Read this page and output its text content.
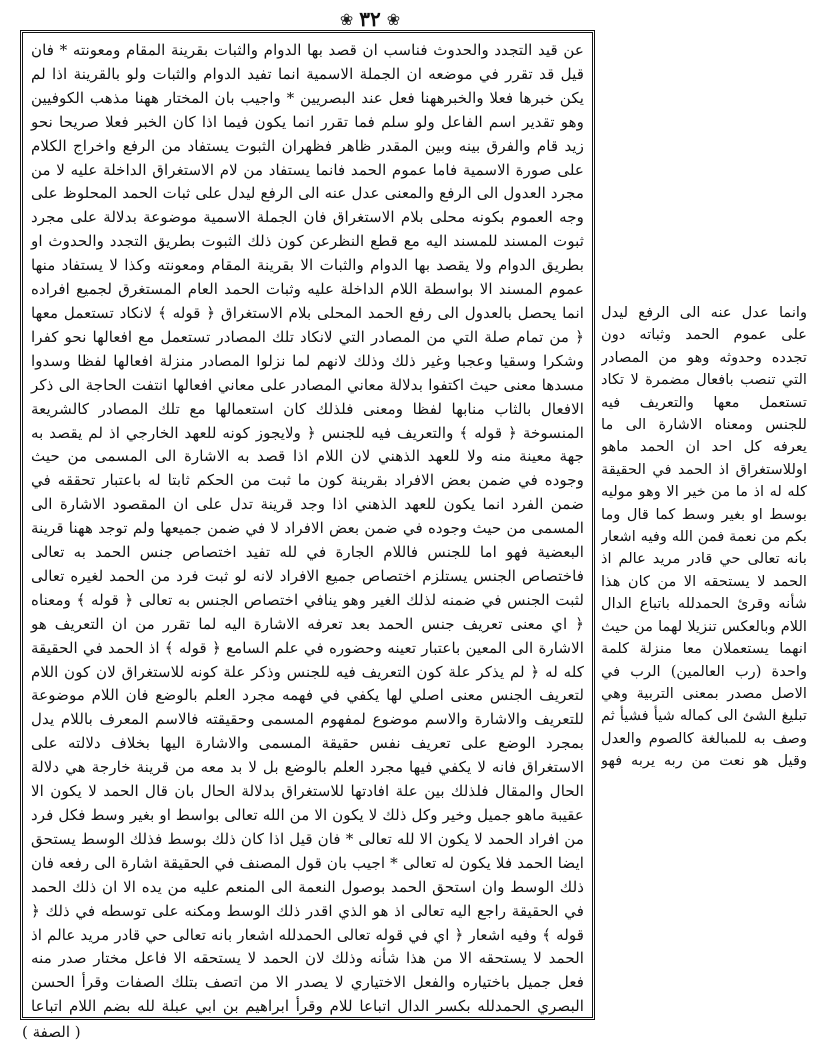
❀ ٣٢ ❀

عن قيد التجدد والحدوث فناسب ان قصد بها الدوام والثبات بقرينة المقام ومعونته * فان قيل قد تقرر في موضعه ان الجملة الاسمية انما تفيد الدوام والثبات ولو بالقرينة اذا لم يكن خبرها فعلا والخبرههنا فعل عند البصريين * واجيب بان المختار ههنا مذهب الكوفيين وهو تقدير اسم الفاعل ولو سلم فما تقرر انما يكون فيما اذا كان الخبر فعلا صريحا نحو زيد قام والفرق بينه وبين المقدر ظاهر فظهران الثبوت يستفاد من الرفع واخراج الكلام على صورة الاسمية فاما عموم الحمد فانما يستفاد من لام الاستغراق الداخلة عليه لا من مجرد العدول الى الرفع والمعنى عدل عنه الى الرفع ليدل على ثبات الحمد المحلوظ على وجه العموم بكونه محلى بلام الاستغراق فان الجملة الاسمية موضوعة بدلالة على مجرد ثبوت المسند للمسند اليه مع قطع النظرعن كون ذلك الثبوت بطريق التجدد والحدوث او بطريق الدوام ولا يقصد بها الدوام والثبات الا بقرينة المقام ومعونته وكذا لا يستفاد منها عموم المسند الا بواسطة اللام الداخلة عليه وثبات الحمد العام المستغرق لجميع افراده انما يحصل بالعدول الى رفع الحمد المحلى بلام الاستغراق ﴿ قوله ﴾ لانكاد تستعمل معها ﴿ من تمام صلة التي من المصادر التي لانكاد تلك المصادر تستعمل مع افعالها نحو كفرا وشكرا وسقيا وعجبا وغير ذلك وذلك لانهم لما نزلوا المصادر منزلة افعالها لفظا وسدوا مسدها معنى حيث اكتفوا بدلالة معاني المصادر على معاني افعالها انتفت الحاجة الى ذكر الافعال بالثاب منابها لفظا ومعنى فلذلك كان استعمالها مع تلك المصادر كالشريعة المنسوخة ﴿ قوله ﴾ والتعريف فيه للجنس ﴿ ولايجوز كونه للعهد الخارجي اذ لم يقصد به جهة معينة منه ولا للعهد الذهني لان اللام اذا قصد به الاشارة الى المسمى من حيث وجوده في ضمن بعض الافراد بقرينة كون ما ثبت من الحكم ثابتا له باعتبار تحققه في ضمن الفرد انما يكون للعهد الذهني اذا وجد قرينة تدل على ان المقصود الاشارة الى المسمى من حيث وجوده في ضمن بعض الافراد لا في ضمن جميعها ولم توجد ههنا قرينة البعضية فهو اما للجنس فاللام الجارة في لله تفيد اختصاص جنس الحمد به تعالى فاختصاص الجنس يستلزم اختصاص جميع الافراد لانه لو ثبت فرد من الحمد لغيره تعالى لثبت الجنس في ضمنه لذلك الغير وهو ينافي اختصاص الجنس به تعالى ﴿ قوله ﴾ ومعناه ﴿ اي معنى تعريف جنس الحمد بعد تعرفه الاشارة اليه لما تقرر من ان التعريف هو الاشارة الى المعين باعتبار تعينه وحضوره في علم السامع ﴿ قوله ﴾ اذ الحمد في الحقيقة كله له ﴿ لم يذكر علة كون التعريف فيه للجنس وذكر علة كونه للاستغراق لان كون اللام لتعريف الجنس معنى اصلي لها يكفي في فهمه مجرد العلم بالوضع فان اللام موضوعة للتعريف والاشارة والاسم موضوع لمفهوم المسمى وحقيقته فالاسم المعرف باللام يدل بمجرد الوضع على تعريف نفس حقيقة المسمى والاشارة اليها بخلاف دلالته على الاستغراق فانه لا يكفي فيها مجرد العلم بالوضع بل لا بد معه من قرينة خارجة هي دلالة الحال والمقال فلذلك بين علة افادتها للاستغراق بدلالة الحال بان قال الحمد لا يكون الا عقيبة ماهو جميل وخير وكل ذلك لا يكون الا من الله تعالى بواسط او بغير وسط فكل فرد من افراد الحمد لا يكون الا لله تعالى * فان قيل اذا كان ذلك بوسط فذلك الوسط يستحق ايضا الحمد فلا يكون له تعالى * اجيب بان قول المصنف في الحقيقة اشارة الى رفعه فان ذلك الوسط وان استحق الحمد بوصول النعمة الى المنعم عليه من يده الا ان ذلك الحمد في الحقيقة راجع اليه تعالى اذ هو الذي اقدر ذلك الوسط ومكنه على توسطه في ذلك ﴿ قوله ﴾ وفيه اشعار ﴿ اي في قوله تعالى الحمدلله اشعار بانه تعالى حي قادر مريد عالم اذ الحمد لا يستحقه الا من هذا شأنه وذلك لان الحمد لا يستحقه الا فاعل مختار صدر منه فعل جميل باختياره والفعل الاختياري لا يصدر الا من اتصف بتلك الصفات وقرأ الحسن البصري الحمدلله بكسر الدال اتباعا للام وقرأ ابراهيم بن ابي عبلة لله بضم اللام اتباعا

وانما عدل عنه الى الرفع ليدل على عموم الحمد وثباته دون تجدده وحدوثه وهو من المصادر التي تنصب بافعال مضمرة لا تكاد تستعمل معها والتعريف فيه للجنس ومعناه الاشارة الى ما يعرفه كل احد ان الحمد ماهو اوللاستغراق اذ الحمد في الحقيقة كله له اذ ما من خير الا وهو موليه بوسط او بغير وسط كما قال وما بكم من نعمة فمن الله وفيه اشعار بانه تعالى حي قادر مريد عالم اذ الحمد لا يستحقه الا من كان هذا شأنه وقرئ الحمدلله باتباع الدال اللام وبالعكس تنزيلا لهما من حيث انهما يستعملان معا منزلة كلمة واحدة (رب العالمين) الرب في الاصل مصدر بمعنى التربية وهي تبليغ الشئ الى كماله شيأ فشيأ ثم وصف به للمبالغة كالصوم والعدل وقيل هو نعت من ربه يربه فهو
( الصفة )
